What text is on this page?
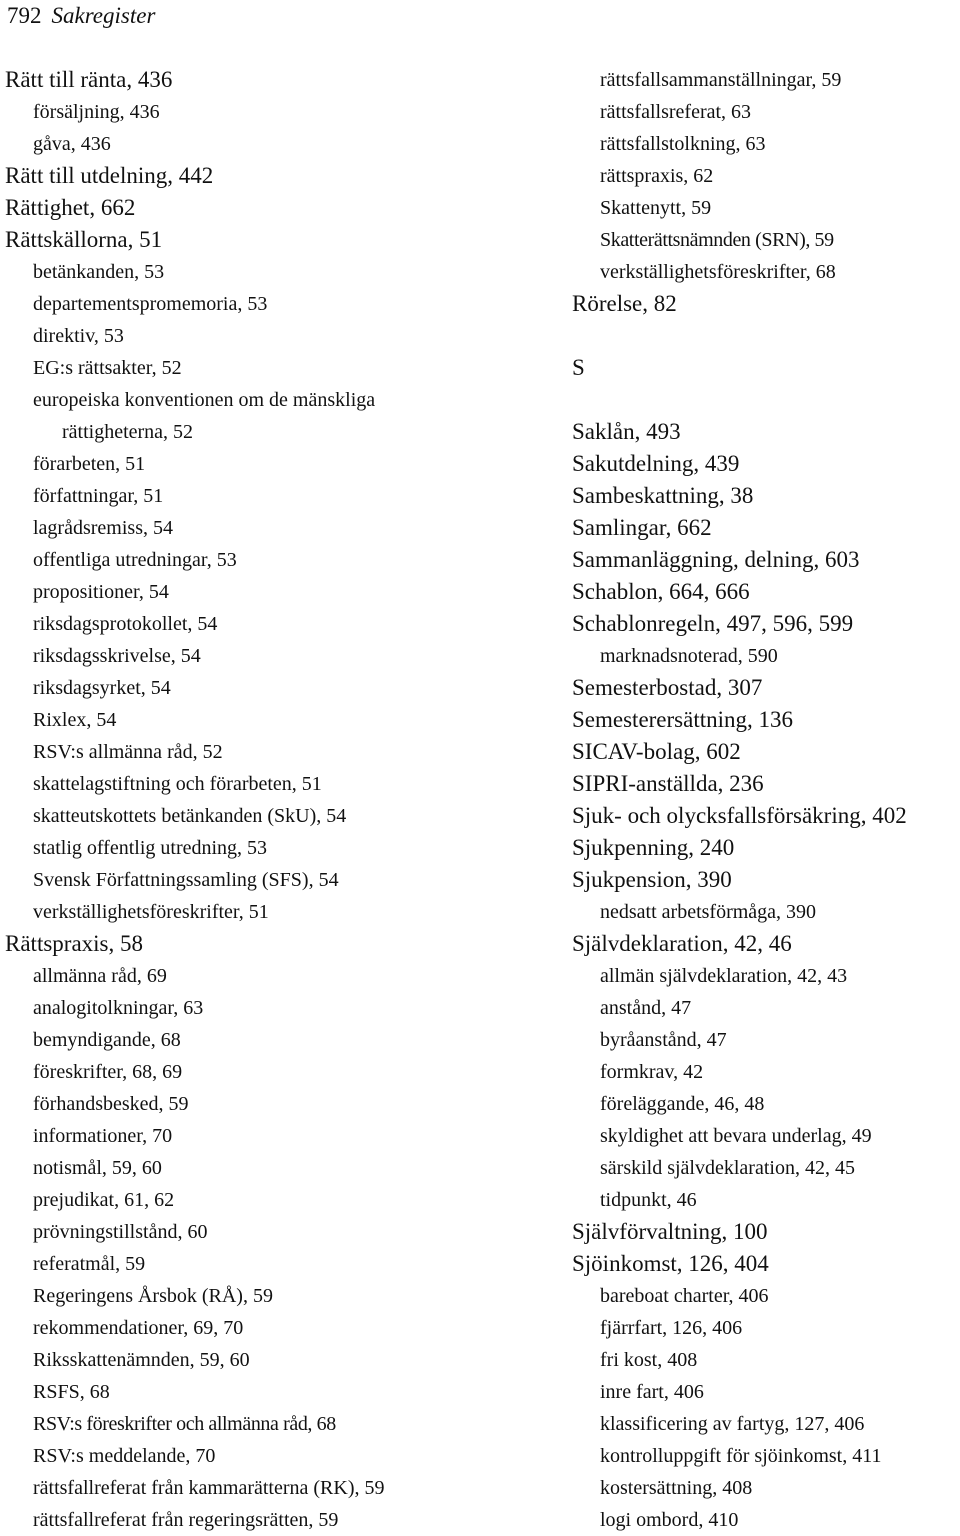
792 Sakregister
Rätt till ränta, 436
försäljning, 436
gåva, 436
Rätt till utdelning, 442
Rättighet, 662
Rättskällorna, 51
betänkanden, 53
departementspromemoria, 53
direktiv, 53
EG:s rättsakter, 52
europeiska konventionen om de mänskliga
rättigheterna, 52
förarbeten, 51
författningar, 51
lagrådsremiss, 54
offentliga utredningar, 53
propositioner, 54
riksdagsprotokollet, 54
riksdagsskrivelse, 54
riksdagsyrket, 54
Rixlex, 54
RSV:s allmänna råd, 52
skattelagstiftning och förarbeten, 51
skatteutskottets betänkanden (SkU), 54
statlig offentlig utredning, 53
Svensk Författningssamling (SFS), 54
verkställighetsföreskrifter, 51
Rättspraxis, 58
allmänna råd, 69
analogitolkningar, 63
bemyndigande, 68
föreskrifter, 68, 69
förhandsbesked, 59
informationer, 70
notismål, 59, 60
prejudikat, 61, 62
prövningstillstånd, 60
referatmål, 59
Regeringens Årsbok (RÅ), 59
rekommendationer, 69, 70
Riksskattenämnden, 59, 60
RSFS, 68
RSV:s föreskrifter och allmänna råd, 68
RSV:s meddelande, 70
rättsfallreferat från kammarätterna (RK), 59
rättsfallreferat från regeringsrätten, 59
rättsfallsammanställningar, 59
rättsfallsreferat, 63
rättsfallstolkning, 63
rättspraxis, 62
Skattenytt, 59
Skatterättsnämnden (SRN), 59
verkställighetsföreskrifter, 68
Rörelse, 82
S
Saklån, 493
Sakutdelning, 439
Sambeskattning, 38
Samlingar, 662
Sammanläggning, delning, 603
Schablon, 664, 666
Schablonregeln, 497, 596, 599
marknadsnoterad, 590
Semesterbostad, 307
Semesterersättning, 136
SICAV-bolag, 602
SIPRI-anställda, 236
Sjuk- och olycksfallsförsäkring, 402
Sjukpenning, 240
Sjukpension, 390
nedsatt arbetsförmåga, 390
Självdeklaration, 42, 46
allmän självdeklaration, 42, 43
anstånd, 47
byråanstånd, 47
formkrav, 42
föreläggande, 46, 48
skyldighet att bevara underlag, 49
särskild självdeklaration, 42, 45
tidpunkt, 46
Självförvaltning, 100
Sjöinkomst, 126, 404
bareboat charter, 406
fjärrfart, 126, 406
fri kost, 408
inre fart, 406
klassificering av fartyg, 127, 406
kontrolluppgift för sjöinkomst, 411
kostersättning, 408
logi ombord, 410
